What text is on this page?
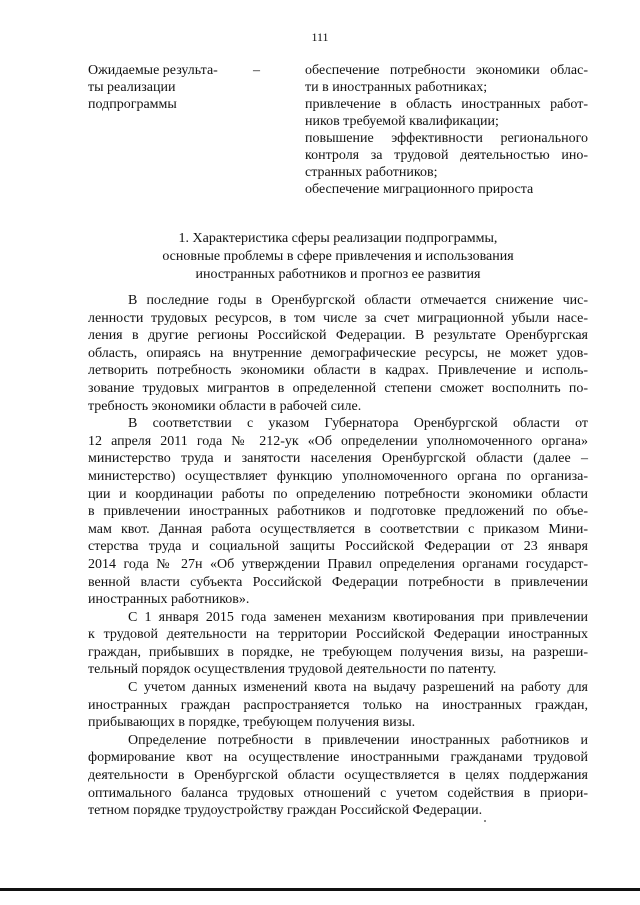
111
Ожидаемые результа-
ты реализации
подпрограммы
–	обеспечение потребности экономики облас-
ти в иностранных работниках;
привлечение в область иностранных работ-
ников требуемой квалификации;
повышение эффективности регионального
контроля за трудовой деятельностью ино-
странных работников;
обеспечение миграционного прироста
1. Характеристика сферы реализации подпрограммы,
основные проблемы в сфере привлечения и использования
иностранных работников и прогноз ее развития
В последние годы в Оренбургской области отмечается снижение чис-
ленности трудовых ресурсов, в том числе за счет миграционной убыли насе-
ления в другие регионы Российской Федерации. В результате Оренбургская
область, опираясь на внутренние демографические ресурсы, не может удов-
летворить потребность экономики области в кадрах. Привлечение и исполь-
зование трудовых мигрантов в определенной степени сможет восполнить по-
требность экономики области в рабочей силе.
В соответствии с указом Губернатора Оренбургской области от
12 апреля 2011 года № 212-ук «Об определении уполномоченного органа»
министерство труда и занятости населения Оренбургской области (далее –
министерство) осуществляет функцию уполномоченного органа по организа-
ции и координации работы по определению потребности экономики области
в привлечении иностранных работников и подготовке предложений по объе-
мам квот. Данная работа осуществляется в соответствии с приказом Мини-
стерства труда и социальной защиты Российской Федерации от 23 января
2014 года № 27н «Об утверждении Правил определения органами государст-
венной власти субъекта Российской Федерации потребности в привлечении
иностранных работников».
С 1 января 2015 года заменен механизм квотирования при привлечении
к трудовой деятельности на территории Российской Федерации иностранных
граждан, прибывших в порядке, не требующем получения визы, на разреши-
тельный порядок осуществления трудовой деятельности по патенту.
С учетом данных изменений квота на выдачу разрешений на работу для
иностранных граждан распространяется только на иностранных граждан,
прибывающих в порядке, требующем получения визы.
Определение потребности в привлечении иностранных работников и
формирование квот на осуществление иностранными гражданами трудовой
деятельности в Оренбургской области осуществляется в целях поддержания
оптимального баланса трудовых отношений с учетом содействия в приори-
тетном порядке трудоустройству граждан Российской Федерации.
